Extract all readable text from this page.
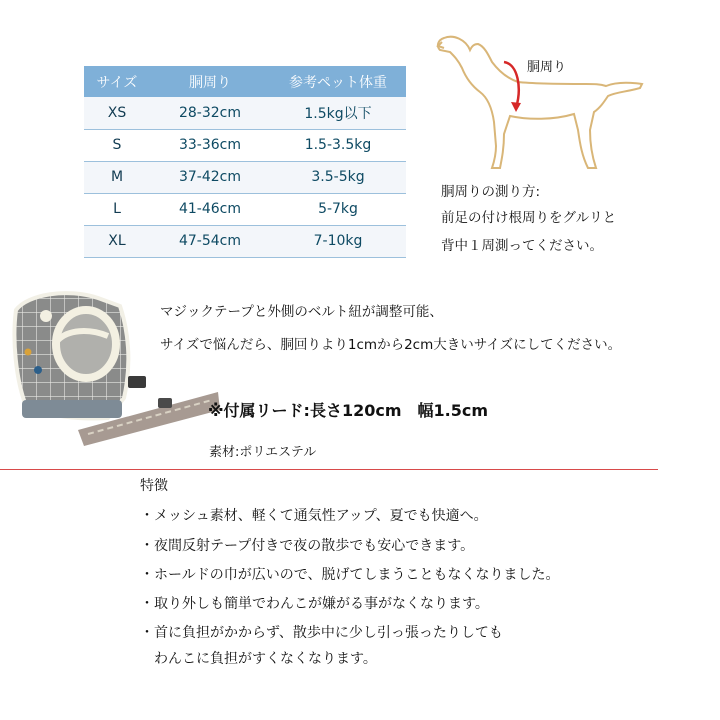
サイズ	胴周り	参考ペット体重
XS	28-32cm	1.5kg以下
S	33-36cm	1.5-3.5kg
M	37-42cm	3.5-5kg
L	41-46cm	5-7kg
XL	47-54cm	7-10kg
胴周り
胴周りの測り方:
前足の付け根周りをグルリと
背中１周測ってください。
マジックテープと外側のベルト紐が調整可能、
サイズで悩んだら、胴回りより1cmから2cm大きいサイズにしてください。
※付属リード:長さ120cm　幅1.5cm
素材:ポリエステル
特徴
・メッシュ素材、軽くて通気性アップ、夏でも快適へ。
・夜間反射テープ付きで夜の散歩でも安心できます。
・ホールドの巾が広いので、脱げてしまうこともなくなりました。
・取り外しも簡単でわんこが嫌がる事がなくなります。
・首に負担がかからず、散歩中に少し引っ張ったりしても
　わんこに負担がすくなくなります。
